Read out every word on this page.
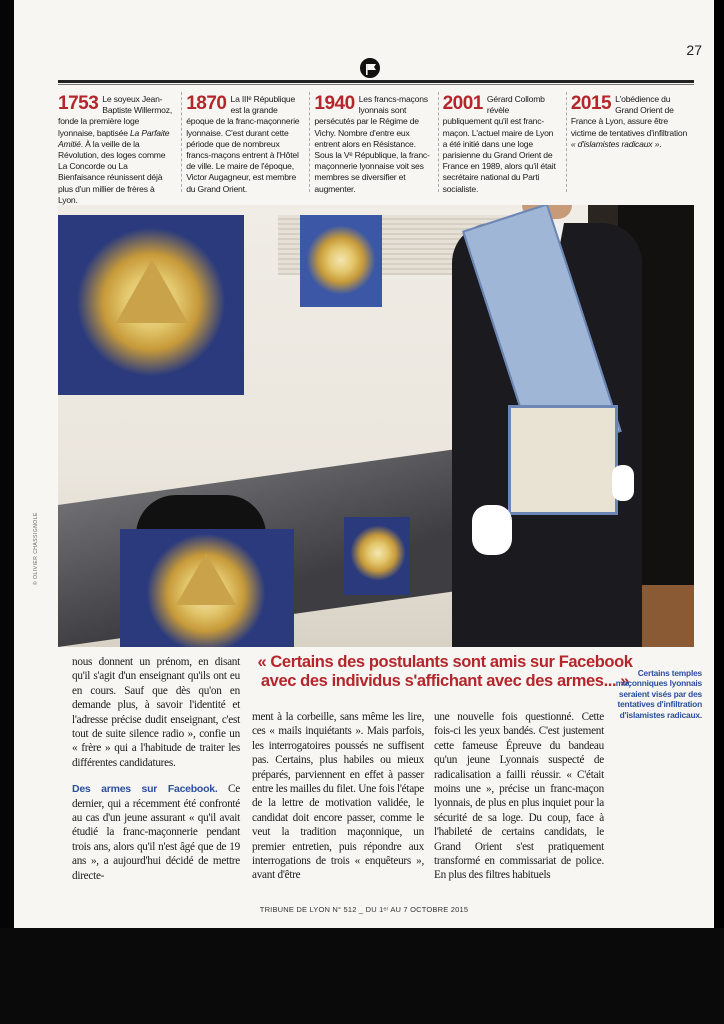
27
1753 Le soyeux Jean-Baptiste Willermoz, fonde la première loge lyonnaise, baptisée La Parfaite Amitié. À la veille de la Révolution, des loges comme La Concorde ou La Bienfaisance réunissent déjà plus d'un millier de frères à Lyon.
1870 La IIIᵉ République est la grande époque de la franc-maçonnerie lyonnaise. C'est durant cette période que de nombreux francs-maçons entrent à l'Hôtel de ville. Le maire de l'époque, Victor Augagneur, est membre du Grand Orient.
1940 Les francs-maçons lyonnais sont persécutés par le Régime de Vichy. Nombre d'entre eux entrent alors en Résistance. Sous la Vᵉ République, la franc-maçonnerie lyonnaise voit ses membres se diversifier et augmenter.
2001 Gérard Collomb révèle publiquement qu'il est franc-maçon. L'actuel maire de Lyon a été initié dans une loge parisienne du Grand Orient de France en 1989, alors qu'il était secrétaire national du Parti socialiste.
2015 L'obédience du Grand Orient de France à Lyon, assure être victime de tentatives d'infiltration « d'islamistes radicaux ».
© OLIVIER CHASSIGNOLE
« Certains des postulants sont amis sur Facebook avec des individus s'affichant avec des armes... »	Certains temples maçonniques lyonnais seraient visés par des tentatives d'infiltration d'islamistes radicaux.

nous donnent un prénom, en disant qu'il s'agit d'un enseignant qu'ils ont eu en cours. Sauf que dès qu'on en demande plus, à savoir l'identité et l'adresse précise dudit enseignant, c'est tout de suite silence radio », confie un « frère » qui a l'habitude de traiter les différentes candidatures.

Des armes sur Facebook. Ce dernier, qui a récemment été confronté au cas d'un jeune assurant « qu'il avait étudié la franc-maçonnerie pendant trois ans, alors qu'il n'est âgé que de 19 ans », a aujourd'hui décidé de mettre directe-

ment à la corbeille, sans même les lire, ces « mails inquiétants ». Mais parfois, les interrogatoires poussés ne suffisent pas. Certains, plus habiles ou mieux préparés, parviennent en effet à passer entre les mailles du filet. Une fois l'étape de la lettre de motivation validée, le candidat doit encore passer, comme le veut la tradition maçonnique, un premier entretien, puis répondre aux interrogations de trois « enquêteurs », avant d'être
une nouvelle fois questionné. Cette fois-ci les yeux bandés. C'est justement cette fameuse Épreuve du bandeau qu'un jeune Lyonnais suspecté de radicalisation a failli réussir. « C'était moins une », précise un franc-maçon lyonnais, de plus en plus inquiet pour la sécurité de sa loge. Du coup, face à l'habileté de certains candidats, le Grand Orient s'est pratiquement transformé en commissariat de police. En plus des filtres habituels
TRIBUNE DE LYON N° 512 _ DU 1ᵉʳ AU 7 OCTOBRE 2015
